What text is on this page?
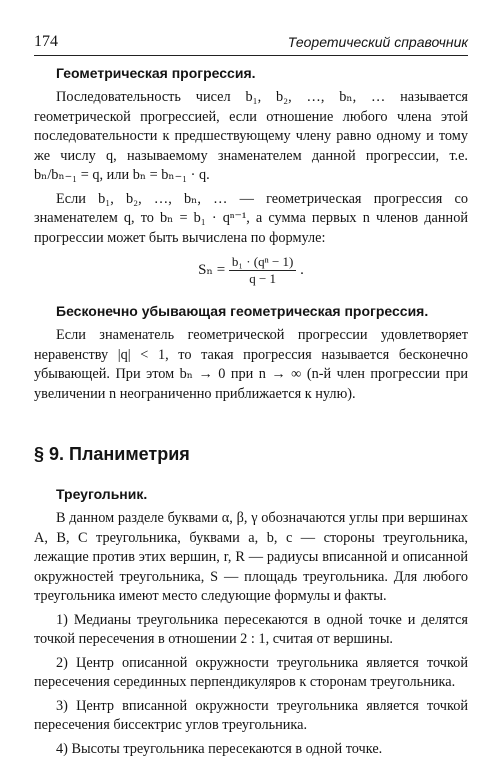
174	Теоретический справочник
Геометрическая прогрессия.

Последовательность чисел b₁, b₂, …, bₙ, … называется геометрической прогрессией, если отношение любого члена этой последовательности к предшествующему члену равно одному и тому же числу q, называемому знаменателем данной прогрессии, т.е. bₙ/bₙ₋₁ = q, или bₙ = bₙ₋₁ · q.

Если b₁, b₂, …, bₙ, … — геометрическая прогрессия со знаменателем q, то bₙ = b₁ · qⁿ⁻¹, а сумма первых n членов данной прогрессии может быть вычислена по формуле:

$S_n = \frac{\text{b₁ · (qⁿ − 1)}}{q - 1}$ .
Бесконечно убывающая геометрическая прогрессия.

Если знаменатель геометрической прогрессии удовлетворяет неравенству |q| < 1, то такая прогрессия называется бесконечно убывающей. При этом bₙ → 0 при n → ∞ (n-й член прогрессии при увеличении n неограниченно приближается к нулю).

§ 9. Планиметрия
Треугольник.

В данном разделе буквами α, β, γ обозначаются углы при вершинах A, B, C треугольника, буквами a, b, c — стороны треугольника, лежащие против этих вершин, r, R — радиусы вписанной и описанной окружностей треугольника, S — площадь треугольника. Для любого треугольника имеют место следующие формулы и факты.

1) Медианы треугольника пересекаются в одной точке и делятся точкой пересечения в отношении 2 : 1, считая от вершины.

2) Центр описанной окружности треугольника является точкой пересечения серединных перпендикуляров к сторонам треугольника.

3) Центр вписанной окружности треугольника является точкой пересечения биссектрис углов треугольника.

4) Высоты треугольника пересекаются в одной точке.
